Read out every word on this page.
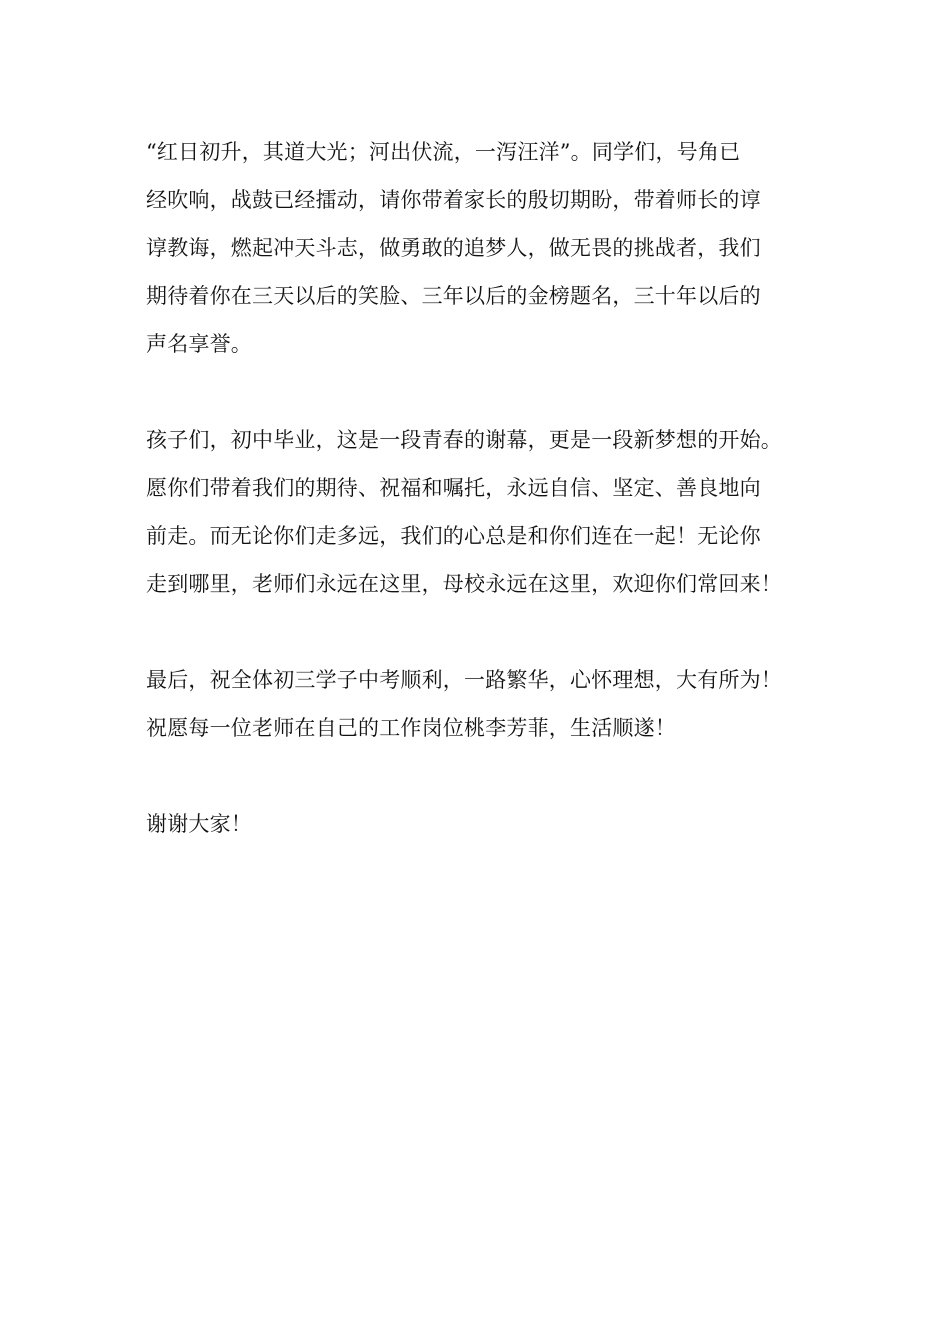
“红日初升，其道大光；河出伏流，一泻汪洋”。同学们，号角已
经吹响，战鼓已经擂动，请你带着家长的殷切期盼，带着师长的谆
谆教诲，燃起冲天斗志，做勇敢的追梦人，做无畏的挑战者，我们
期待着你在三天以后的笑脸、三年以后的金榜题名，三十年以后的
声名享誉。
孩子们，初中毕业，这是一段青春的谢幕，更是一段新梦想的开始。
愿你们带着我们的期待、祝福和嘱托，永远自信、坚定、善良地向
前走。而无论你们走多远，我们的心总是和你们连在一起！无论你
走到哪里，老师们永远在这里，母校永远在这里，欢迎你们常回来！
最后，祝全体初三学子中考顺利，一路繁华，心怀理想，大有所为！
祝愿每一位老师在自己的工作岗位桃李芳菲，生活顺遂！
谢谢大家！
